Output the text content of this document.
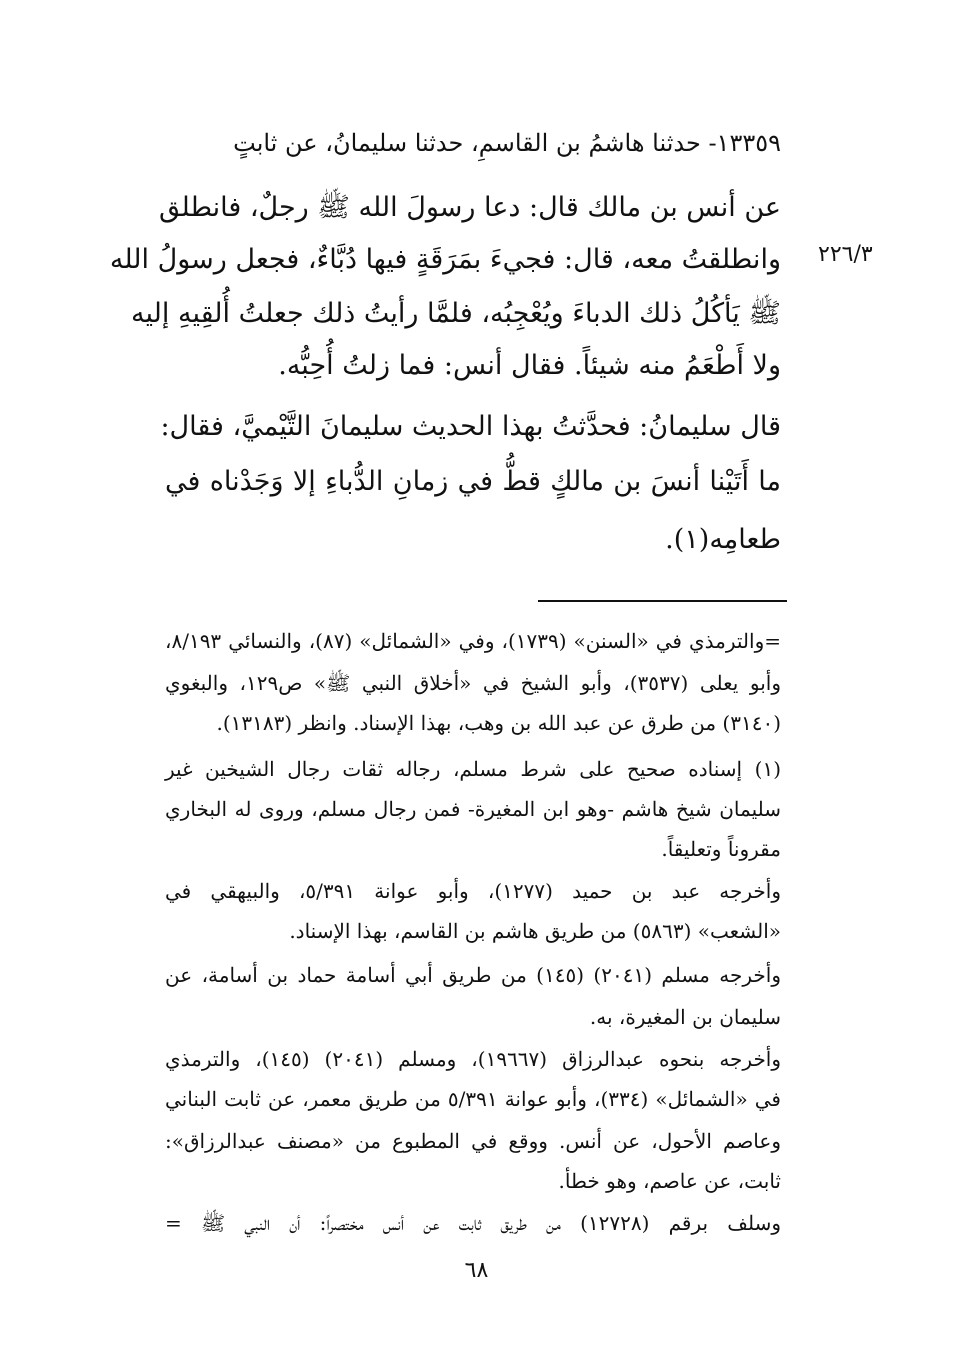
١٣٣٥٩- حدثنا هاشمُ بن القاسمِ، حدثنا سليمانُ، عن ثابتٍ
٢٢٦/٣
عن أنس بن مالك قال: دعا رسولَ الله ﷺ رجلٌ، فانطلق
وانطلقتُ معه، قال: فجيءَ بمَرَقَةٍ فيها دُبَّاءٌ، فجعل رسولُ الله
ﷺ يَأكُلُ ذلك الدباءَ ويُعْجِبُه، فلمَّا رأيتُ ذلك جعلتُ أُلقِيهِ إليه
ولا أَطْعَمُ منه شيئاً. فقال أنس: فما زلتُ أُحِبُّه.
قال سليمانُ: فحدَّثتُ بهذا الحديث سليمانَ التَّيْميَّ، فقال:
ما أَتَيْنا أنسَ بن مالكٍ قطُّ في زمانِ الدُّباءِ إلا وَجَدْناه في
طعامِه(١).
=والترمذي في «السنن» (١٧٣٩)، وفي «الشمائل» (٨٧)، والنسائي ٨/١٩٣،
وأبو يعلى (٣٥٣٧)، وأبو الشيخ في «أخلاق النبي ﷺ» ص١٢٩، والبغوي
(٣١٤٠) من طرق عن عبد الله بن وهب، بهذا الإسناد. وانظر (١٣١٨٣).
(١) إسناده صحيح على شرط مسلم، رجاله ثقات رجال الشيخين غير
سليمان شيخ هاشم -وهو ابن المغيرة- فمن رجال مسلم، وروى له البخاري
مقروناً وتعليقاً.
وأخرجه عبد بن حميد (١٢٧٧)، وأبو عوانة ٥/٣٩١، والبيهقي في
«الشعب» (٥٨٦٣) من طريق هاشم بن القاسم، بهذا الإسناد.
وأخرجه مسلم (٢٠٤١) (١٤٥) من طريق أبي أسامة حماد بن أسامة، عن
سليمان بن المغيرة، به.
وأخرجه بنحوه عبدالرزاق (١٩٦٦٧)، ومسلم (٢٠٤١) (١٤٥)، والترمذي
في «الشمائل» (٣٣٤)، وأبو عوانة ٥/٣٩١ من طريق معمر، عن ثابت البناني
وعاصم الأحول، عن أنس. ووقع في المطبوع من «مصنف عبدالرزاق»:
ثابت، عن عاصم، وهو خطأ.
وسلف برقم (١٢٧٢٨) من طريق ثابت عن أنس مختصراً: أن النبي ﷺ =
٦٨
